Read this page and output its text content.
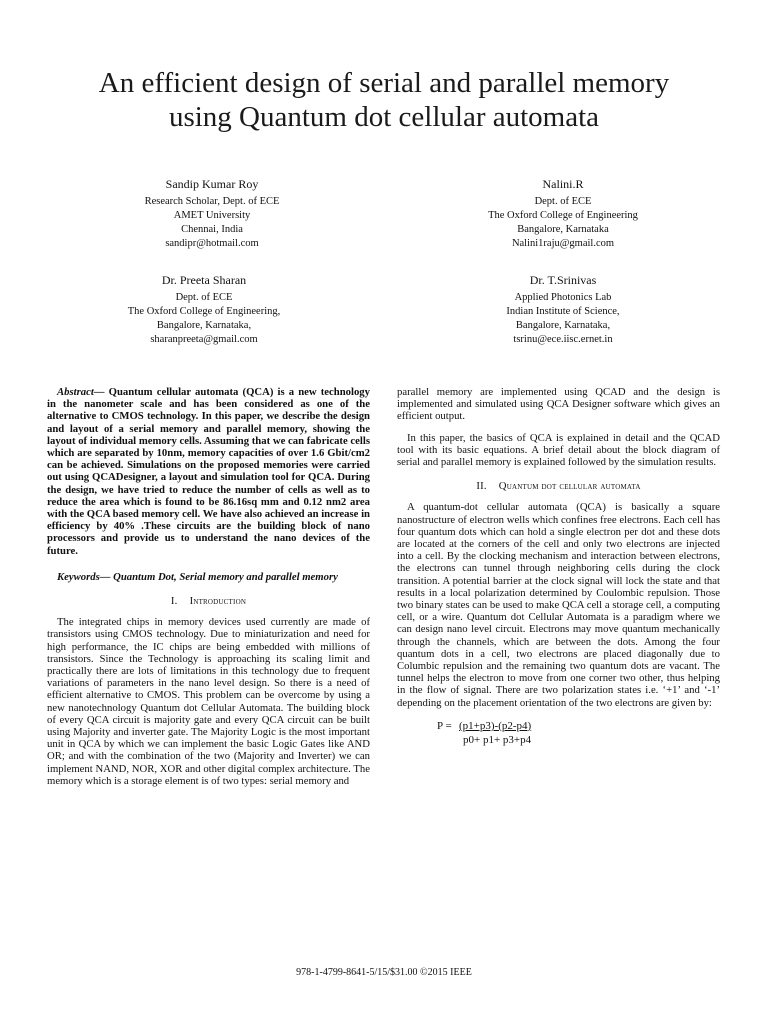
An efficient design of serial and parallel memory
using Quantum dot cellular automata
Sandip Kumar Roy
Research Scholar, Dept. of ECE
AMET University
Chennai, India
sandipr@hotmail.com
Nalini.R
Dept. of ECE
The Oxford College of Engineering
Bangalore, Karnataka
Nalini1raju@gmail.com
Dr. Preeta Sharan
Dept. of ECE
The Oxford College of Engineering,
Bangalore, Karnataka,
sharanpreeta@gmail.com
Dr. T.Srinivas
Applied Photonics Lab
Indian Institute of Science,
Bangalore, Karnataka,
tsrinu@ece.iisc.ernet.in

Abstract— Quantum cellular automata (QCA) is a new technology in the nanometer scale and has been considered as one of the alternative to CMOS technology. In this paper, we describe the design and layout of a serial memory and parallel memory, showing the layout of individual memory cells. Assuming that we can fabricate cells which are separated by 10nm, memory capacities of over 1.6 Gbit/cm2 can be achieved. Simulations on the proposed memories were carried out using QCADesigner, a layout and simulation tool for QCA. During the design, we have tried to reduce the number of cells as well as to reduce the area which is found to be 86.16sq mm and 0.12 nm2 area with the QCA based memory cell. We have also achieved an increase in efficiency by 40% .These circuits are the building block of nano processors and provide us to understand the nano devices of the future.

Keywords— Quantum Dot, Serial memory and parallel memory

I. Introduction

The integrated chips in memory devices used currently are made of transistors using CMOS technology. Due to miniaturization and need for high performance, the IC chips are being embedded with millions of transistors. Since the Technology is approaching its scaling limit and practically there are lots of limitations in this technology due to frequent variations of parameters in the nano level design. So there is a need of efficient alternative to CMOS. This problem can be overcome by using a new nanotechnology Quantum dot Cellular Automata. The building block of every QCA circuit is majority gate and every QCA circuit can be built using Majority and inverter gate. The Majority Logic is the most important unit in QCA by which we can implement the basic Logic Gates like AND OR; and with the combination of the two (Majority and Inverter) we can implement NAND, NOR, XOR and other digital complex architecture. The memory which is a storage element is of two types: serial memory and

parallel memory are implemented using QCAD and the design is implemented and simulated using QCA Designer software which gives an efficient output.

In this paper, the basics of QCA is explained in detail and the QCAD tool with its basic equations. A brief detail about the block diagram of serial and parallel memory is explained followed by the simulation results.

II. Quantum dot cellular automata

A quantum-dot cellular automata (QCA) is basically a square nanostructure of electron wells which confines free electrons. Each cell has four quantum dots which can hold a single electron per dot and these dots are located at the corners of the cell and only two electrons are injected into a cell. By the clocking mechanism and interaction between electrons, the electrons can tunnel through neighboring cells during the clock transition. A potential barrier at the clock signal will lock the state and that results in a local polarization determined by Coulombic repulsion. Those two binary states can be used to make QCA cell a storage cell, a computing cell, or a wire. Quantum dot Cellular Automata is a paradigm where we can design nano level circuit. Electrons may move quantum mechanically through the channels, which are between the dots. Among the four quantum dots in a cell, two electrons are placed diagonally due to Columbic repulsion and the remaining two quantum dots are vacant. The tunnel helps the electron to move from one corner two other, thus helping in the flow of signal. There are two polarization states i.e. ‘+1’ and ‘-1’ depending on the placement orientation of the two electrons are given by:

P = (p1+p3)-(p2-p4)
p0+ p1+ p3+p4
978-1-4799-8641-5/15/$31.00 ©2015 IEEE
